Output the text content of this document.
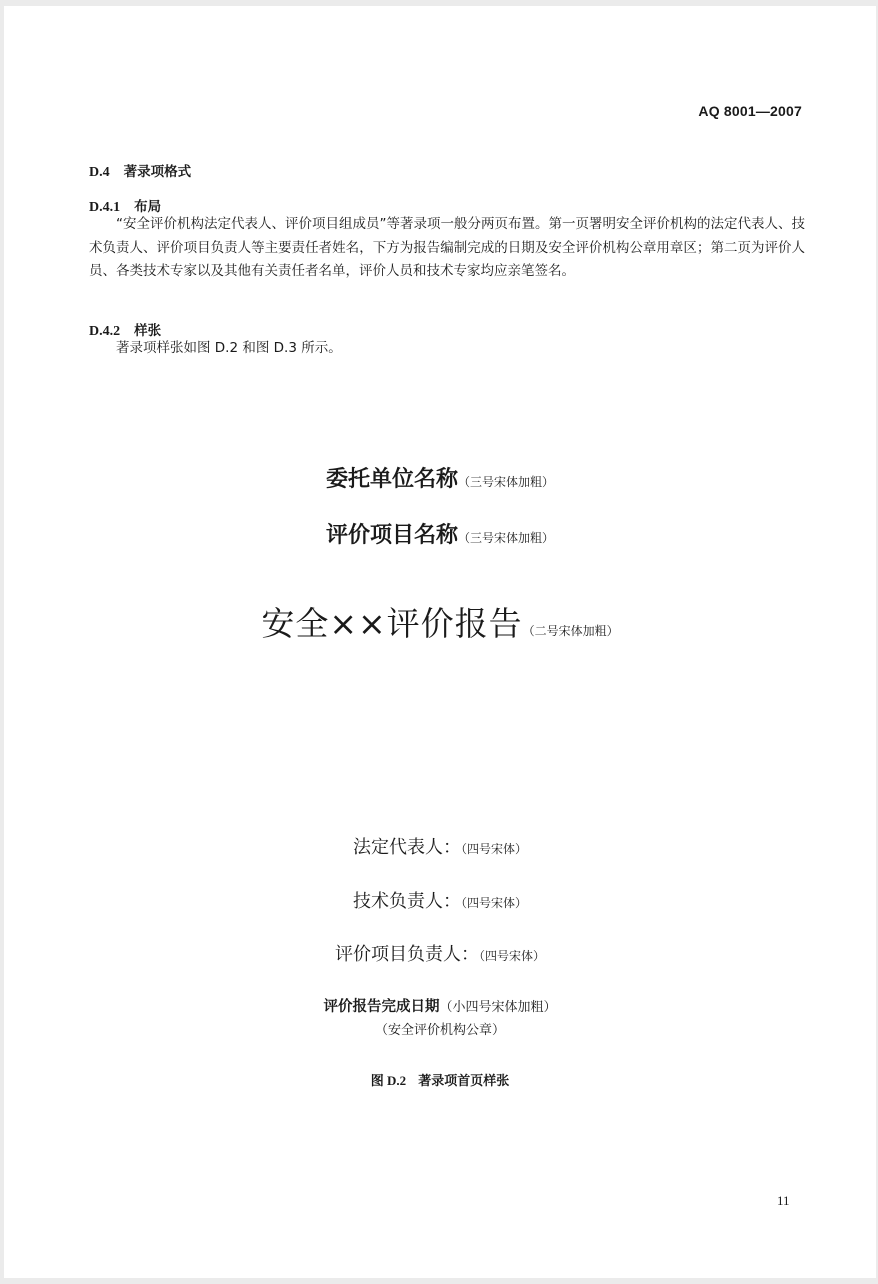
AQ 8001—2007
D.4 著录项格式
D.4.1 布局
“安全评价机构法定代表人、评价项目组成员”等著录项一般分两页布置。第一页署明安全评价机构的法定代表人、技术负责人、评价项目负责人等主要责任者姓名，下方为报告编制完成的日期及安全评价机构公章用章区；第二页为评价人员、各类技术专家以及其他有关责任者名单，评价人员和技术专家均应亲笔签名。
D.4.2 样张
著录项样张如图 D.2 和图 D.3 所示。
委托单位名称（三号宋体加粗）
评价项目名称（三号宋体加粗）
安全××评价报告（二号宋体加粗）
法定代表人：（四号宋体）
技术负责人：（四号宋体）
评价项目负责人：（四号宋体）
评价报告完成日期（小四号宋体加粗）
（安全评价机构公章）
图 D.2 著录项首页样张
11
